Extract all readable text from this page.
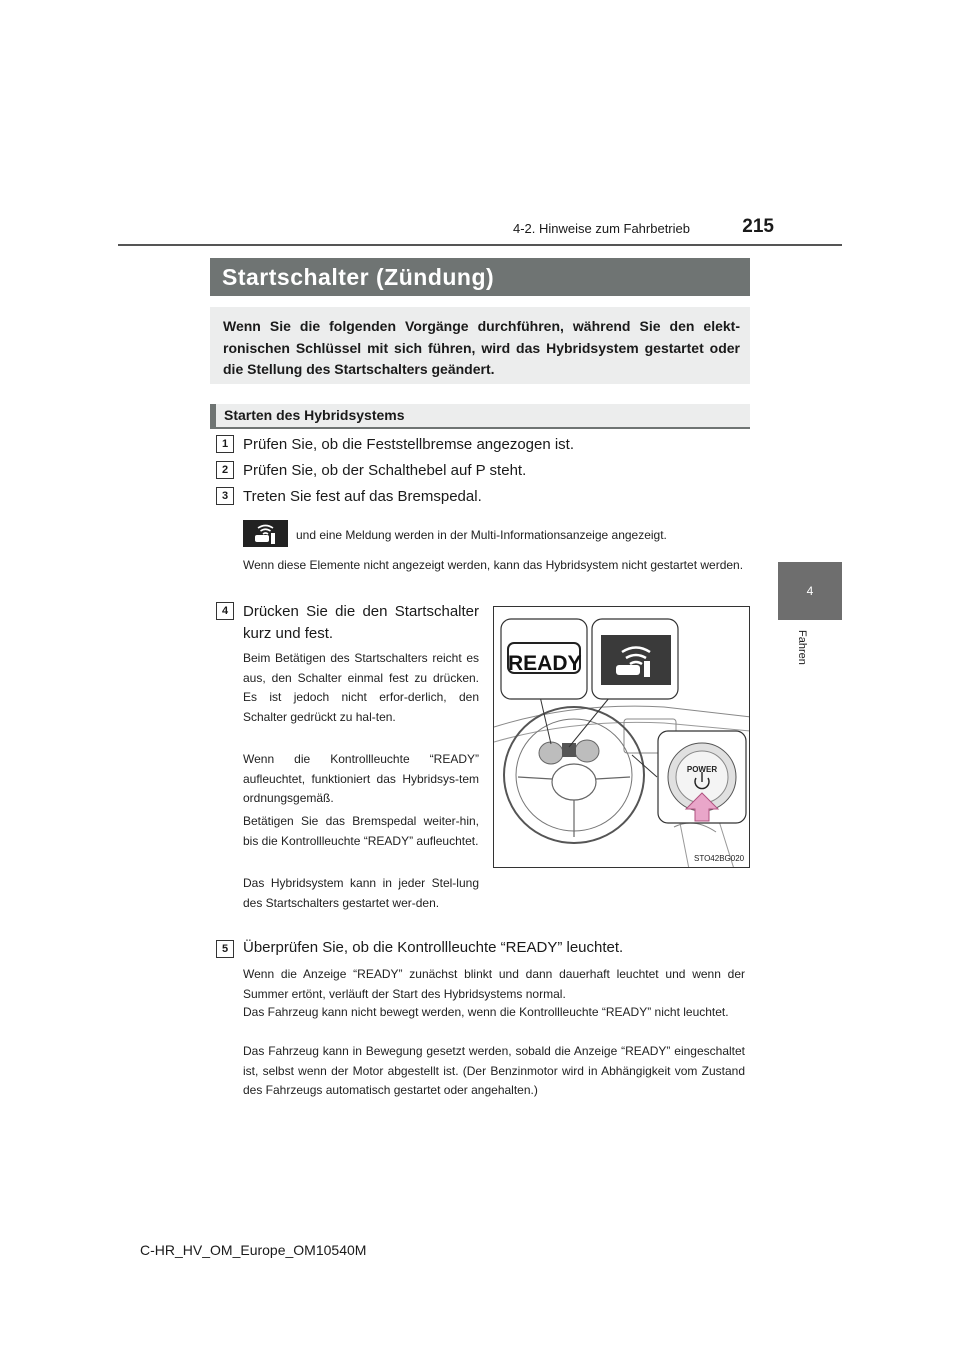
4-2. Hinweise zum Fahrbetrieb	215
4
Fahren
Startschalter (Zündung)
Wenn Sie die folgenden Vorgänge durchführen, während Sie den elekt-ronischen Schlüssel mit sich führen, wird das Hybridsystem gestartet oder die Stellung des Startschalters geändert.
Starten des Hybridsystems
1 Prüfen Sie, ob die Feststellbremse angezogen ist.
2 Prüfen Sie, ob der Schalthebel auf P steht.
3 Treten Sie fest auf das Bremspedal.
und eine Meldung werden in der Multi-Informationsanzeige angezeigt.
Wenn diese Elemente nicht angezeigt werden, kann das Hybridsystem nicht gestartet werden.
4 Drücken Sie die den Startschalter kurz und fest.
Beim Betätigen des Startschalters reicht es aus, den Schalter einmal fest zu drücken. Es ist jedoch nicht erfor-derlich, den Schalter gedrückt zu hal-ten.
Wenn die Kontrollleuchte “READY” aufleuchtet, funktioniert das Hybridsys-tem ordnungsgemäß.
Betätigen Sie das Bremspedal weiter-hin, bis die Kontrollleuchte “READY” aufleuchtet.
Das Hybridsystem kann in jeder Stel-lung des Startschalters gestartet wer-den.
READY
POWER
STO42BG020
5 Überprüfen Sie, ob die Kontrollleuchte “READY” leuchtet.
Wenn die Anzeige “READY” zunächst blinkt und dann dauerhaft leuchtet und wenn der Summer ertönt, verläuft der Start des Hybridsystems normal.
Das Fahrzeug kann nicht bewegt werden, wenn die Kontrollleuchte “READY” nicht leuchtet.
Das Fahrzeug kann in Bewegung gesetzt werden, sobald die Anzeige “READY” eingeschaltet ist, selbst wenn der Motor abgestellt ist. (Der Benzinmotor wird in Abhängigkeit vom Zustand des Fahrzeugs automatisch gestartet oder angehalten.)
C-HR_HV_OM_Europe_OM10540M
